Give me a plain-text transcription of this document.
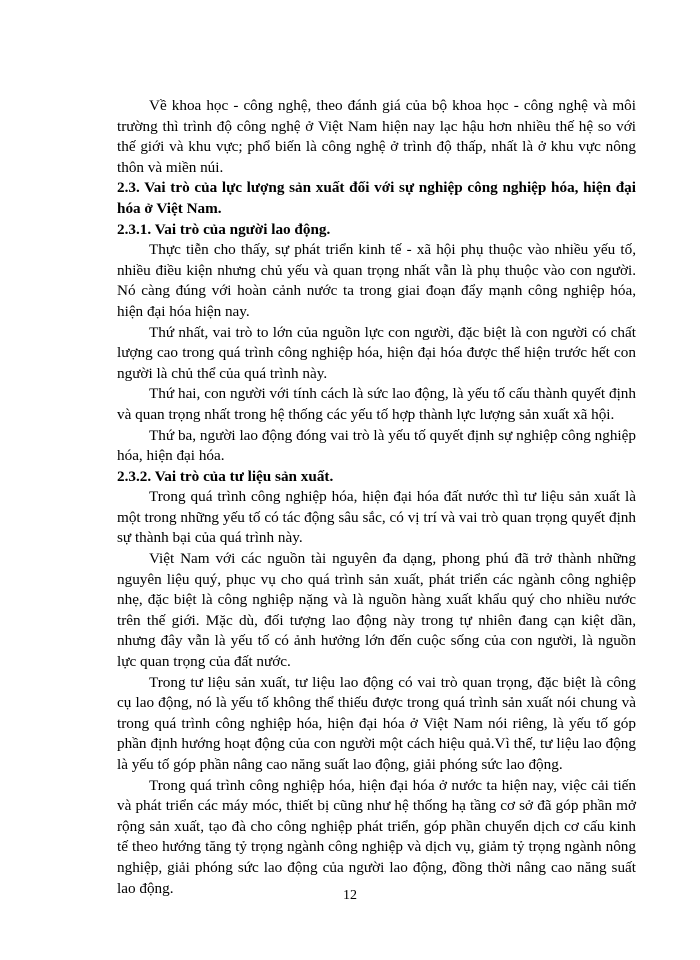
Về khoa học - công nghệ, theo đánh giá của bộ khoa học - công nghệ và môi trường thì trình độ công nghệ ở Việt Nam hiện nay lạc hậu hơn nhiều thế hệ so với thế giới và khu vực; phổ biến là công nghệ ở trình độ thấp, nhất là ở khu vực nông thôn và miền núi.

2.3. Vai trò của lực lượng sản xuất đối với sự nghiệp công nghiệp hóa, hiện đại hóa ở Việt Nam.

2.3.1. Vai trò của người lao động.

Thực tiễn cho thấy, sự phát triển kinh tế - xã hội phụ thuộc vào nhiều yếu tố, nhiều điều kiện nhưng chủ yếu và quan trọng nhất vẫn là phụ thuộc vào con người. Nó càng đúng với hoàn cảnh nước ta trong giai đoạn đẩy mạnh công nghiệp hóa, hiện đại hóa hiện nay.

Thứ nhất, vai trò to lớn của nguồn lực con người, đặc biệt là con người có chất lượng cao trong quá trình công nghiệp hóa, hiện đại hóa được thể hiện trước hết con người là chủ thể của quá trình này.

Thứ hai, con người với tính cách là sức lao động, là yếu tố cấu thành quyết định và quan trọng nhất trong hệ thống các yếu tố hợp thành lực lượng sản xuất xã hội.

Thứ ba, người lao động đóng vai trò là yếu tố quyết định sự nghiệp công nghiệp hóa, hiện đại hóa.

2.3.2. Vai trò của tư liệu sản xuất.

Trong quá trình công nghiệp hóa, hiện đại hóa đất nước thì tư liệu sản xuất là một trong những yếu tố có tác động sâu sắc, có vị trí và vai trò quan trọng quyết định sự thành bại của quá trình này.

Việt Nam với các nguồn tài nguyên đa dạng, phong phú đã trở thành những nguyên liệu quý, phục vụ cho quá trình sản xuất, phát triển các ngành công nghiệp nhẹ, đặc biệt là công nghiệp nặng và là nguồn hàng xuất khẩu quý cho nhiều nước trên thế giới. Mặc dù, đối tượng lao động này trong tự nhiên đang cạn kiệt dần, nhưng đây vẫn là yếu tố có ảnh hưởng lớn đến cuộc sống của con người, là nguồn lực quan trọng của đất nước.

Trong tư liệu sản xuất, tư liệu lao động có vai trò quan trọng, đặc biệt là công cụ lao động, nó là yếu tố không thể thiếu được trong quá trình sản xuất nói chung và trong quá trình công nghiệp hóa, hiện đại hóa ở Việt Nam nói riêng, là yếu tố góp phần định hướng hoạt động của con người một cách hiệu quả.Vì thế, tư liệu lao động là yếu tố góp phần nâng cao năng suất lao động, giải phóng sức lao động.

Trong quá trình công nghiệp hóa, hiện đại hóa ở nước ta hiện nay, việc cải tiến và phát triển các máy móc, thiết bị cũng như hệ thống hạ tầng cơ sở đã góp phần mở rộng sản xuất, tạo đà cho công nghiệp phát triển, góp phần chuyển dịch cơ cấu kinh tế theo hướng tăng tỷ trọng ngành công nghiệp và dịch vụ, giảm tỷ trọng ngành nông nghiệp, giải phóng sức lao động của người lao động, đồng thời nâng cao năng suất lao động.	12
